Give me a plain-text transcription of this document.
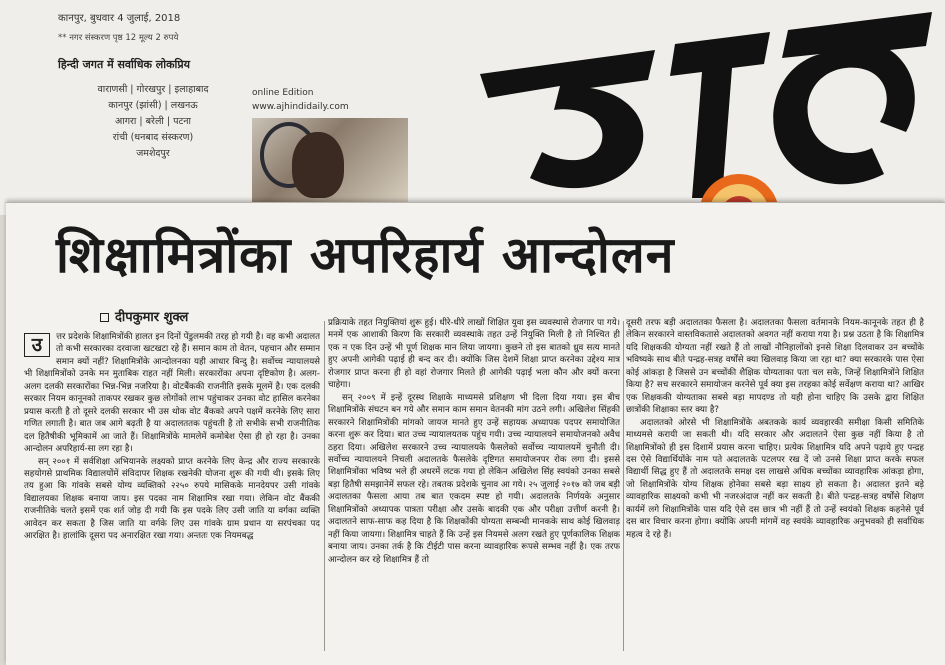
कानपुर, बुधवार 4 जुलाई, 2018
** नगर संस्करण पृष्ठ 12 मूल्य 2 रुपये
हिन्दी जगत में सर्वाधिक लोकप्रिय
वाराणसी | गोरखपुर | इलाहाबाद
कानपुर (झांसी) | लखनऊ
आगरा | बरेली | पटना
रांची (धनबाद संस्करण)
जमशेदपुर
online Edition
www.ajhindidaily.com
शिक्षामित्रोंका अपरिहार्य आन्दोलन
दीपकुमार शुक्ल
उ	त्तर प्रदेशके शिक्षामित्रोंकी हालत इन दिनों पेंडुलमकी तरह हो गयी है। वह कभी अदालत तो कभी सरकारका दरवाजा खटखटा रहे हैं। समान काम तो वेतन, पहचान और सम्मान समान क्यों नहीं? शिक्षामित्रोंके आन्दोलनका यही आधार बिन्दु है। सर्वोच्च न्यायालयसे भी शिक्षामित्रोंको उनके मन मुताबिक राहत नहीं मिली। सरकारोंका अपना दृष्टिकोण है। अलग-अलग दलकी सरकारोंका भिन्न-भिन्न नजरिया है। वोटबैंककी राजनीति इसके मूलमें है। एक दलकी सरकार नियम कानूनको ताकपर रखकर कुछ लोगोंको लाभ पहुंचाकर उनका वोट हासिल करनेका प्रयास करती है तो दूसरे दलकी सरकार भी उस थोक वोट बैंकको अपने पक्षमें करनेके लिए सारा गणित लगाती है। बात जब आगे बढ़ती है या अदालततक पहुंचती है तो सभीके सभी राजनीतिक दल हितैषीकी भूमिकामें आ जाते हैं। शिक्षामित्रोंके मामलेमें कमोबेश ऐसा ही हो रहा है। उनका आन्दोलन अपरिहार्य-सा लग रहा है।

सन् २००१ में सर्वशिक्षा अभियानके लक्ष्यको प्राप्त करनेके लिए केन्द्र और राज्य सरकारके सहयोगसे प्राथमिक विद्यालयोंमें संविदापर शिक्षक रखनेकी योजना शुरू की गयी थी। इसके लिए तय हुआ कि गांवके सबसे योग्य व्यक्तिको २२५० रुपये मासिकके मानदेयपर उसी गांवके विद्यालयका शिक्षक बनाया जाय। इस पदका नाम शिक्षामित्र रखा गया। लेकिन वोट बैंककी राजनीतिके चलते इसमें एक शर्त जोड़ दी गयी कि इस पदके लिए उसी जाति या वर्गका व्यक्ति आवेदन कर सकता है जिस जाति या वर्गके लिए उस गांवके ग्राम प्रधान या सरपंचका पद आरक्षित है। हालांकि दूसरा पद अनारक्षित रखा गया। अन्ततः एक नियमबद्ध

प्रक्रियाके तहत नियुक्तियां शुरू हुई। धीरे-धीरे लाखों शिक्षित युवा इस व्यवस्थासे रोजगार पा गये। मनमें एक आशाकी किरण कि सरकारी व्यवस्थाके तहत उन्हें नियुक्ति मिली है तो निश्चित ही एक न एक दिन उन्हें भी पूर्ण शिक्षक मान लिया जायगा। कुछने तो इस बातको ध्रुव सत्य मानते हुए अपनी आगेकी पढ़ाई ही बन्द कर दी। क्योंकि जिस देशमें शिक्षा प्राप्त करनेका उद्देश्य मात्र रोजगार प्राप्त करना ही हो वहां रोजगार मिलते ही आगेकी पढ़ाई भला कौन और क्यों करना चाहेगा।

सन् २००९ में इन्हें दूरस्थ शिक्षाके माध्यमसे प्रशिक्षण भी दिला दिया गया। इस बीच शिक्षामित्रोंके संघटन बन गये और समान काम समान वेतनकी मांग उठने लगी। अखिलेश सिंहकी सरकारने शिक्षामित्रोंकी मांगको जायज मानते हुए उन्हें सहायक अध्यापक पदपर समायोजित करना शुरू कर दिया। बात उच्च न्यायालयतक पहुंच गयी। उच्च न्यायालयने समायोजनको अवैध ठहरा दिया। अखिलेश सरकारने उच्च न्यायालयके फैसलेको सर्वोच्च न्यायालयमें चुनौती दी। सर्वोच्च न्यायालयने निचली अदालतके फैसलेके दृष्टिगत समायोजनपर रोक लगा दी। इससे शिक्षामित्रोंका भविष्य भले ही अधरमें लटक गया हो लेकिन अखिलेश सिंह स्वयंको उनका सबसे बड़ा हितैषी समझानेमें सफल रहे। तबतक प्रदेशके चुनाव आ गये। २५ जुलाई २०१७ को जब बड़ी अदालतका फैसला आया तब बात एकदम स्पष्ट हो गयी। अदालतके निर्णयके अनुसार शिक्षामित्रोंको अध्यापक पात्रता परीक्षा और उसके बादकी एक और परीक्षा उत्तीर्ण करनी है। अदालतने साफ-साफ कह दिया है कि शिक्षकोंकी योग्यता सम्बन्धी मानकके साथ कोई खिलवाड़ नहीं किया जायगा। शिक्षामित्र चाहते हैं कि उन्हें इस नियमसे अलग रखते हुए पूर्णकालिक शिक्षक बनाया जाय। उनका तर्क है कि टीईटी पास करना व्यावहारिक रूपसे सम्भव नहीं है। एक तरफ आन्दोलन कर रहे शिक्षामित्र हैं तो

दूसरी तरफ बड़ी अदालतका फैसला है। अदालतका फैसला वर्तमानके नियम-कानूनके तहत ही है लेकिन सरकारने वास्तविकतासे अदालतको अवगत नहीं कराया गया है। प्रश्न उठता है कि शिक्षामित्र यदि शिक्षककी योग्यता नहीं रखते हैं तो लाखों नौनिहालोंको इनसे शिक्षा दिलवाकर उन बच्चोंके भविष्यके साथ बीते पन्द्रह-सत्रह वर्षोंसे क्या खिलवाड़ किया जा रहा था? क्या सरकारके पास ऐसा कोई आंकड़ा है जिससे उन बच्चोंकी शैक्षिक योग्यताका पता चल सके, जिन्हें शिक्षामित्रोंने शिक्षित किया है? सच सरकारने समायोजन करनेसे पूर्व क्या इस तरहका कोई सर्वेक्षण कराया था? आखिर एक शिक्षककी योग्यताका सबसे बड़ा मापदण्ड तो यही होना चाहिए कि उसके द्वारा शिक्षित छात्रोंकी शिक्षाका स्तर क्या है?

अदालतको ओरसे भी शिक्षामित्रोंके अबतकके कार्य व्यवहारकी समीक्षा किसी समितिके माध्यमसे करायी जा सकती थी। यदि सरकार और अदालतने ऐसा कुछ नहीं किया है तो शिक्षामित्रोंको ही इस दिशामें प्रयास करना चाहिए। प्रत्येक शिक्षामित्र यदि अपने पढ़ाये हुए पन्द्रह दस ऐसे विद्यार्थियोंके नाम पते अदालतके पटलपर रख दें जो उनसे शिक्षा प्राप्त करके सफल विद्यार्थी सिद्ध हुए हैं तो अदालतके समक्ष दस लाखसे अधिक बच्चोंका व्यावहारिक आंकड़ा होगा, जो शिक्षामित्रोंके योग्य शिक्षक होनेका सबसे बड़ा साक्ष्य हो सकता है। अदालत इतने बड़े व्यावहारिक साक्ष्यको कभी भी नजरअंदाज नहीं कर सकती है। बीते पन्द्रह-सत्रह वर्षोंसे शिक्षण कार्यमें लगे शिक्षामित्रोंके पास यदि ऐसे दस छात्र भी नहीं हैं तो उन्हें स्वयंको शिक्षक कहनेसे पूर्व दस बार विचार करना होगा। क्योंकि अपनी मांगमें वह स्वयंके व्यावहारिक अनुभवको ही सर्वाधिक महत्व दे रहे हैं।
